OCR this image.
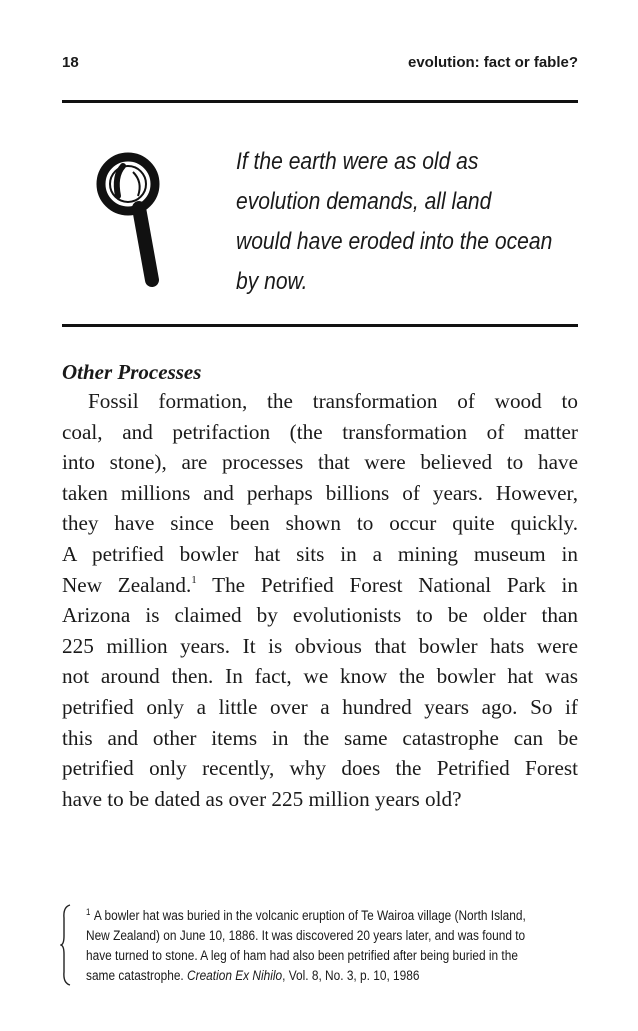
18	evolution: fact or fable?
If the earth were as old as
evolution demands, all land
would have eroded into the ocean
by now.
Other Processes
Fossil formation, the transformation of wood to
coal, and petrifaction (the transformation of matter
into stone), are processes that were believed to have
taken millions and perhaps billions of years. However,
they have since been shown to occur quite quickly.
A petrified bowler hat sits in a mining museum in
New Zealand.$^1$ The Petrified Forest National Park in
Arizona is claimed by evolutionists to be older than
225 million years. It is obvious that bowler hats were
not around then. In fact, we know the bowler hat was
petrified only a little over a hundred years ago. So if
this and other items in the same catastrophe can be
petrified only recently, why does the Petrified Forest
have to be dated as over 225 million years old?
$^1$ A bowler hat was buried in the volcanic eruption of Te Wairoa village (North Island,
New Zealand) on June 10, 1886. It was discovered 20 years later, and was found to
have turned to stone. A leg of ham had also been petrified after being buried in the
same catastrophe. Creation Ex Nihilo, Vol. 8, No. 3, p. 10, 1986
